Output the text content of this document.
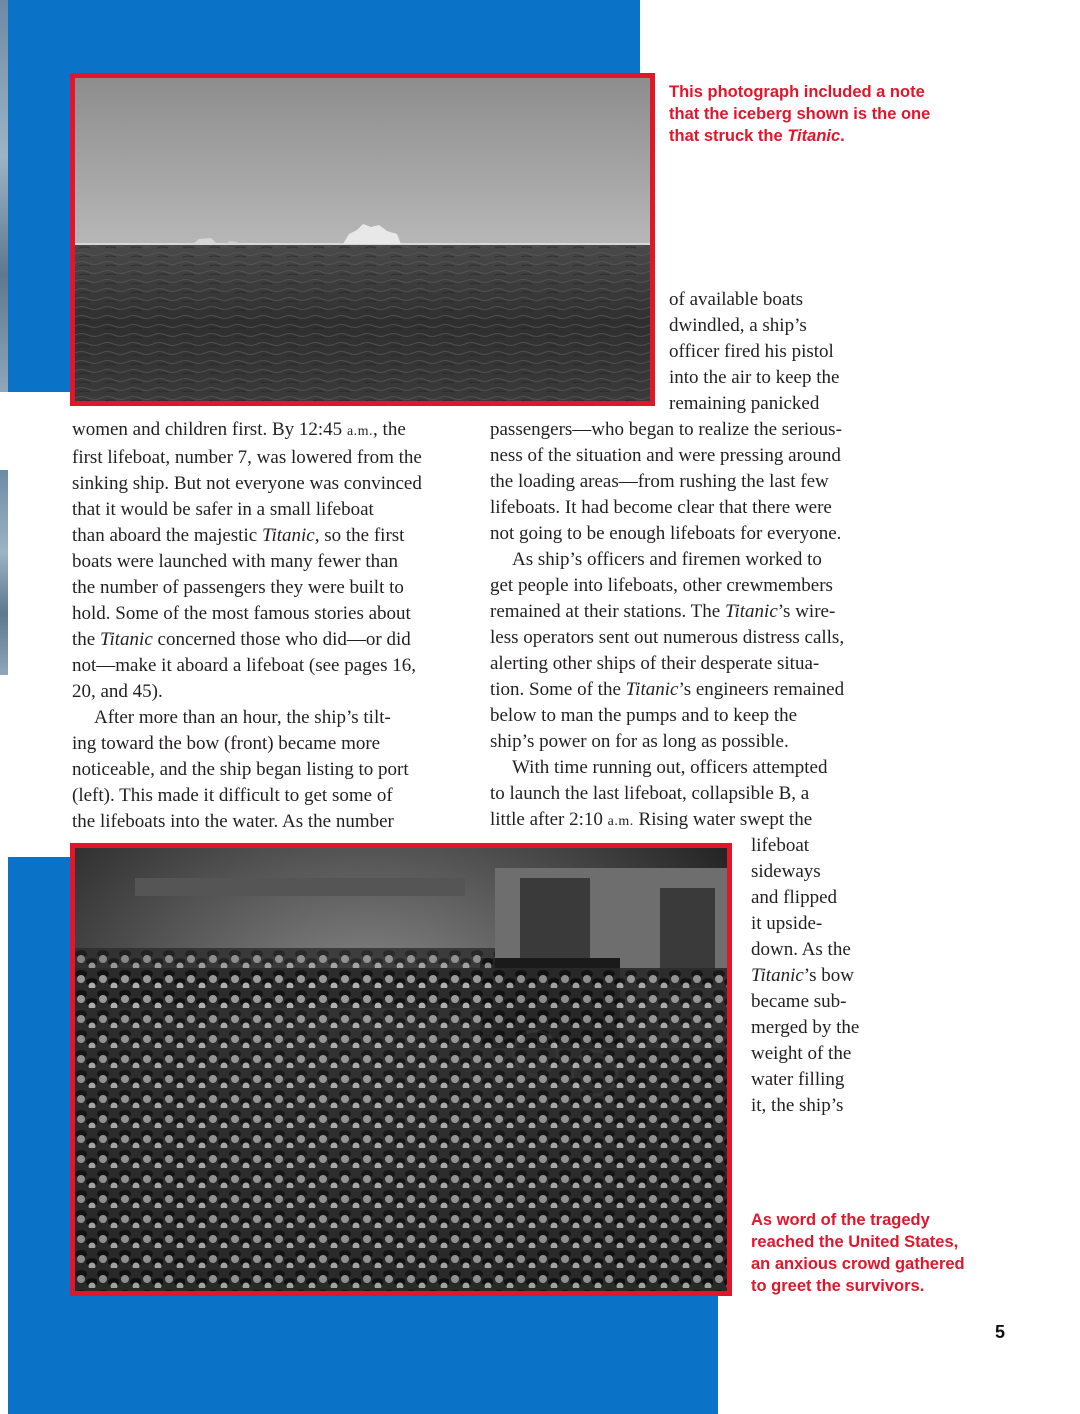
This photograph included a note
that the iceberg shown is the one
that struck the Titanic.
As word of the tragedy
reached the United States,
an anxious crowd gathered
to greet the survivors.
of available boats
dwindled, a ship’s
officer fired his pistol
into the air to keep the
remaining panicked
women and children first. By 12:45 a.m., the
first lifeboat, number 7, was lowered from the
sinking ship. But not everyone was convinced
that it would be safer in a small lifeboat
than aboard the majestic Titanic, so the first
boats were launched with many fewer than
the number of passengers they were built to
hold. Some of the most famous stories about
the Titanic concerned those who did—or did
not—make it aboard a lifeboat (see pages 16,
20, and 45).
After more than an hour, the ship’s tilt-
ing toward the bow (front) became more
noticeable, and the ship began listing to port
(left). This made it difficult to get some of
the lifeboats into the water. As the number
passengers—who began to realize the serious-
ness of the situation and were pressing around
the loading areas—from rushing the last few
lifeboats. It had become clear that there were
not going to be enough lifeboats for everyone.
As ship’s officers and firemen worked to
get people into lifeboats, other crewmembers
remained at their stations. The Titanic’s wire-
less operators sent out numerous distress calls,
alerting other ships of their desperate situa-
tion. Some of the Titanic’s engineers remained
below to man the pumps and to keep the
ship’s power on for as long as possible.
With time running out, officers attempted
to launch the last lifeboat, collapsible B, a
little after 2:10 a.m. Rising water swept the
lifeboat
sideways
and flipped
it upside-
down. As the
Titanic’s bow
became sub-
merged by the
weight of the
water filling
it, the ship’s
5
